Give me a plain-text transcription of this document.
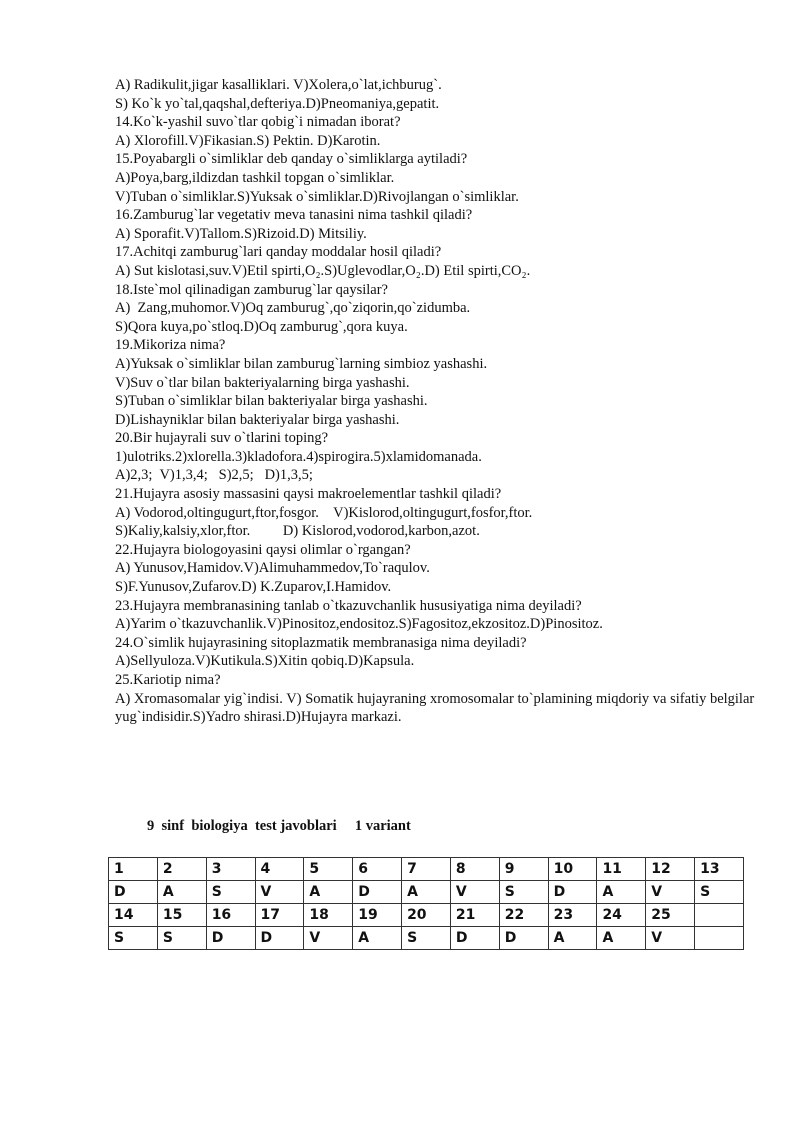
A) Radikulit,jigar kasalliklari. V)Xolera,o`lat,ichburug`.
S) Ko`k yo`tal,qaqshal,defteriya.D)Pneomaniya,gepatit.
14.Ko`k-yashil suvo`tlar qobig`i nimadan iborat?
A) Xlorofill.V)Fikasian.S) Pektin. D)Karotin.
15.Poyabargli o`simliklar deb qanday o`simliklarga aytiladi?
A)Poya,barg,ildizdan tashkil topgan o`simliklar.
V)Tuban o`simliklar.S)Yuksak o`simliklar.D)Rivojlangan o`simliklar.
16.Zamburug`lar vegetativ meva tanasini nima tashkil qiladi?
A) Sporafit.V)Tallom.S)Rizoid.D) Mitsiliy.
17.Achitqi zamburug`lari qanday moddalar hosil qiladi?
A) Sut kislotasi,suv.V)Etil spirti,O₂.S)Uglevodlar,O₂.D) Etil spirti,CO₂.
18.Iste`mol qilinadigan zamburug`lar qaysilar?
A)  Zang,muhomor.V)Oq zamburug`,qo`ziqorin,qo`zidumba.
S)Qora kuya,po`stloq.D)Oq zamburug`,qora kuya.
19.Mikoriza nima?
A)Yuksak o`simliklar bilan zamburug`larning simbioz yashashi.
V)Suv o`tlar bilan bakteriyalarning birga yashashi.
S)Tuban o`simliklar bilan bakteriyalar birga yashashi.
D)Lishayniklar bilan bakteriyalar birga yashashi.
20.Bir hujayrali suv o`tlarini toping?
1)ulotriks.2)xlorella.3)kladofora.4)spirogira.5)xlamidomanada.
A)2,3;  V)1,3,4;   S)2,5;   D)1,3,5;
21.Hujayra asosiy massasini qaysi makroelementlar tashkil qiladi?
A) Vodorod,oltingugurt,ftor,fosgor.    V)Kislorod,oltingugurt,fosfor,ftor.
S)Kaliy,kalsiy,xlor,ftor.         D) Kislorod,vodorod,karbon,azot.
22.Hujayra biologoyasini qaysi olimlar o`rgangan?
A) Yunusov,Hamidov.V)Alimuhammedov,To`raqulov.
S)F.Yunusov,Zufarov.D) K.Zuparov,I.Hamidov.
23.Hujayra membranasining tanlab o`tkazuvchanlik hususiyatiga nima deyiladi?
A)Yarim o`tkazuvchanlik.V)Pinositoz,endositoz.S)Fagositoz,ekzositoz.D)Pinositoz.
24.O`simlik hujayrasining sitoplazmatik membranasiga nima deyiladi?
A)Sellyuloza.V)Kutikula.S)Xitin qobiq.D)Kapsula.
25.Kariotip nima?
A) Xromasomalar yig`indisi. V) Somatik hujayraning xromosomalar to`plamining miqdoriy va sifatiy belgilar yug`indisidir.S)Yadro shirasi.D)Hujayra markazi.
9  sinf  biologiya  test javoblari     1 variant
1	2	3	4	5	6	7	8	9	10	11	12	13
D	A	S	V	A	D	A	V	S	D	A	V	S
14	15	16	17	18	19	20	21	22	23	24	25	
S	S	D	D	V	A	S	D	D	A	A	V	
